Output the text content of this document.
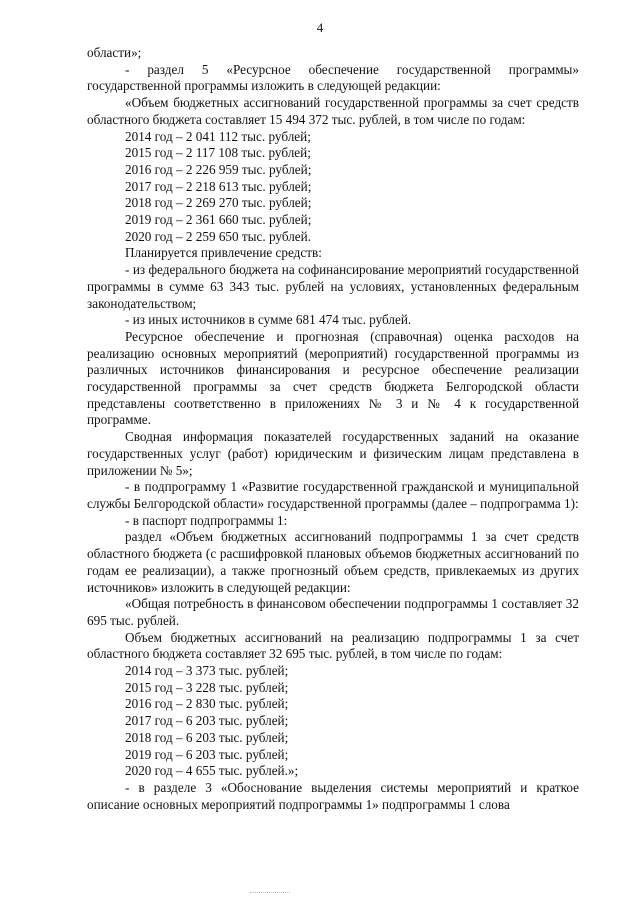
4

области»;

- раздел 5 «Ресурсное обеспечение государственной программы» государственной программы изложить в следующей редакции:

«Объем бюджетных ассигнований государственной программы за счет средств областного бюджета составляет 15 494 372 тыс. рублей, в том числе по годам:

2014 год – 2 041 112 тыс. рублей;

2015 год – 2 117 108 тыс. рублей;

2016 год – 2 226 959 тыс. рублей;

2017 год – 2 218 613 тыс. рублей;

2018 год – 2 269 270 тыс. рублей;

2019 год – 2 361 660 тыс. рублей;

2020 год – 2 259 650 тыс. рублей.

Планируется привлечение средств:

- из федерального бюджета на софинансирование мероприятий государственной программы в сумме 63 343 тыс. рублей на условиях, установленных федеральным законодательством;

- из иных источников в сумме 681 474 тыс. рублей.

Ресурсное обеспечение и прогнозная (справочная) оценка расходов на реализацию основных мероприятий (мероприятий) государственной программы из различных источников финансирования и ресурсное обеспечение реализации государственной программы за счет средств бюджета Белгородской области представлены соответственно в приложениях № 3 и № 4 к государственной программе.

Сводная информация показателей государственных заданий на оказание государственных услуг (работ) юридическим и физическим лицам представлена в приложении № 5»;

- в подпрограмму 1 «Развитие государственной гражданской и муниципальной службы Белгородской области» государственной программы (далее – подпрограмма 1):

- в паспорт подпрограммы 1:

раздел «Объем бюджетных ассигнований подпрограммы 1 за счет средств областного бюджета (с расшифровкой плановых объемов бюджетных ассигнований по годам ее реализации), а также прогнозный объем средств, привлекаемых из других источников» изложить в следующей редакции:

«Общая потребность в финансовом обеспечении подпрограммы 1 составляет 32 695 тыс. рублей.

Объем бюджетных ассигнований на реализацию подпрограммы 1 за счет областного бюджета составляет 32 695 тыс. рублей, в том числе по годам:

2014 год – 3 373 тыс. рублей;

2015 год – 3 228 тыс. рублей;

2016 год – 2 830 тыс. рублей;

2017 год – 6 203 тыс. рублей;

2018 год – 6 203 тыс. рублей;

2019 год – 6 203 тыс. рублей;

2020 год – 4 655 тыс. рублей.»;

- в разделе 3 «Обоснование выделения системы мероприятий и краткое описание основных мероприятий подпрограммы 1» подпрограммы 1 слова
